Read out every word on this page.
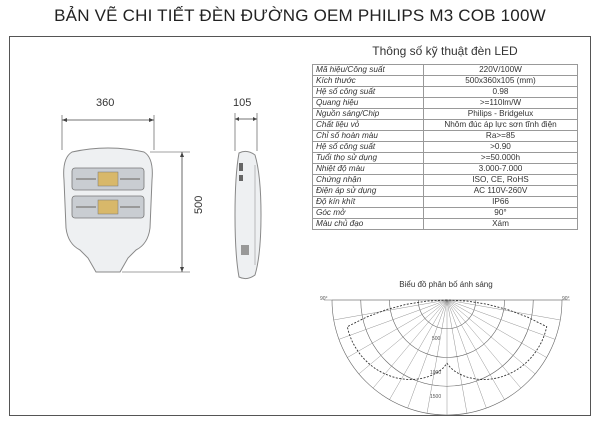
BẢN VẼ CHI TIẾT ĐÈN ĐƯỜNG OEM PHILIPS M3 COB 100W
360
500
105
Thông số kỹ thuật đèn LED
Mã hiệu/Công suất	220V/100W
Kích thước	500x360x105 (mm)
Hệ số công suất	0.98
Quang hiệu	>=110lm/W
Nguồn sáng/Chip	Philips - Bridgelux
Chất liệu vỏ	Nhôm đúc áp lực sơn tĩnh điện
Chỉ số hoàn màu	Ra>=85
Hệ số công suất	>0.90
Tuổi thọ sử dụng	>=50.000h
Nhiệt độ màu	3.000-7.000
Chứng nhận	ISO, CE, RoHS
Điện áp sử dụng	AC 110V-260V
Độ kín khít	IP66
Góc mở	90°
Màu chủ đạo	Xám
Biểu đồ phân bố ánh sáng
90°	90°
500
1000
1500
